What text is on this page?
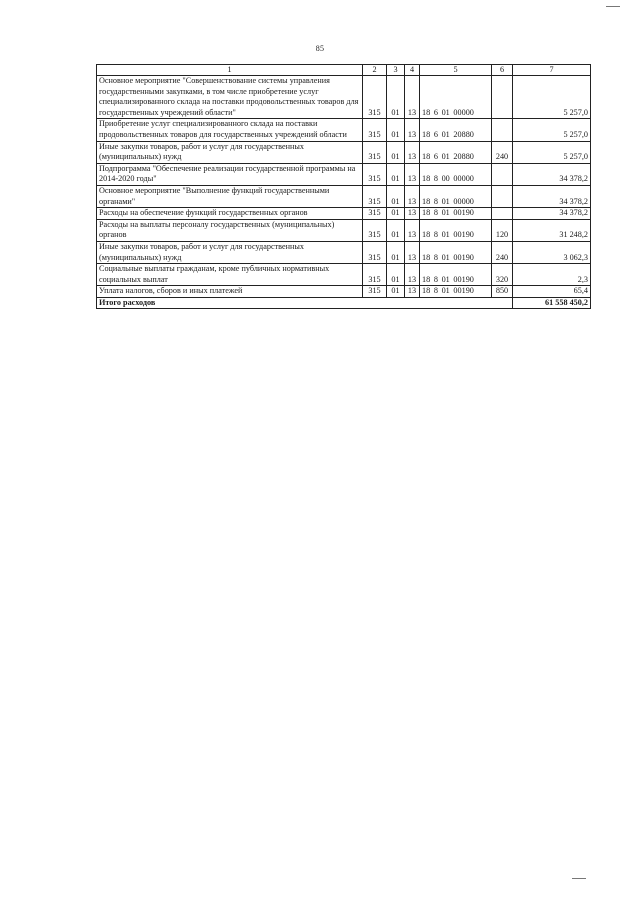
85
1	2	3	4	5	6	7
Основное мероприятие "Совершенствование системы управления государственными закупками, в том числе приобретение услуг специализированного склада на поставки продовольственных товаров для государственных учреждений области"	315	01	13	18 6 01 00000		5 257,0
Приобретение услуг специализированного склада на поставки продовольственных товаров для государственных учреждений области	315	01	13	18 6 01 20880		5 257,0
Иные закупки товаров, работ и услуг для государственных (муниципальных) нужд	315	01	13	18 6 01 20880	240	5 257,0
Подпрограмма "Обеспечение реализации государственной программы на 2014-2020 годы"	315	01	13	18 8 00 00000		34 378,2
Основное мероприятие "Выполнение функций государственными органами"	315	01	13	18 8 01 00000		34 378,2
Расходы на обеспечение функций государственных органов	315	01	13	18 8 01 00190		34 378,2
Расходы на выплаты персоналу государственных (муниципальных) органов	315	01	13	18 8 01 00190	120	31 248,2
Иные закупки товаров, работ и услуг для государственных (муниципальных) нужд	315	01	13	18 8 01 00190	240	3 062,3
Социальные выплаты гражданам, кроме публичных нормативных социальных выплат	315	01	13	18 8 01 00190	320	2,3
Уплата налогов, сборов и иных платежей	315	01	13	18 8 01 00190	850	65,4
Итого расходов						61 558 450,2
